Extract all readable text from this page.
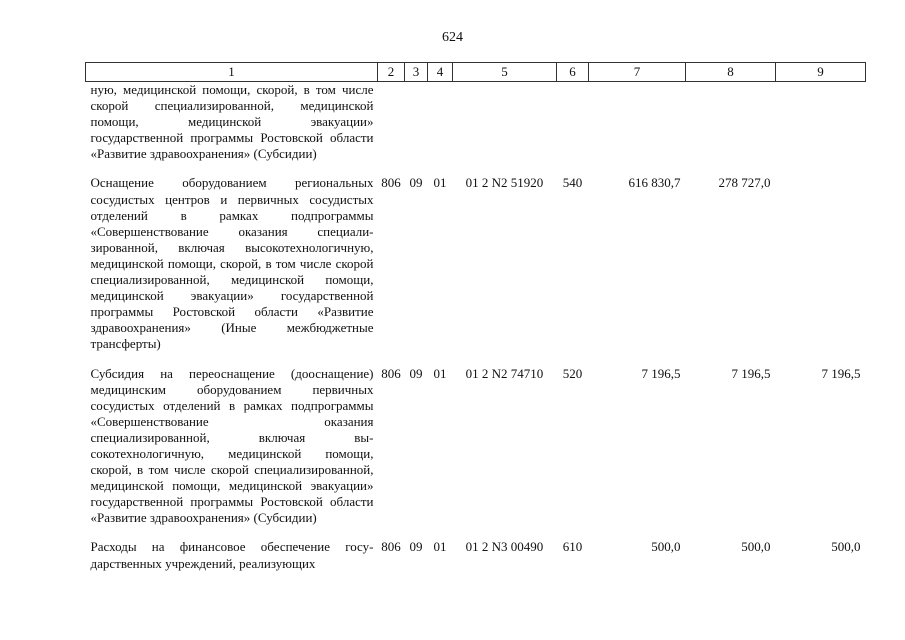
624
1	2	3	4	5	6	7	8	9
ную, медицинской помощи, скорой, в том числе скорой специализированной, медицинской помощи, медицинской эвакуации» государственной программы Ростовской области «Развитие здравоохранения» (Субсидии)								
Оснащение оборудованием региональных сосудистых центров и первичных сосудистых отделений в рамках подпрограммы «Совершенствование оказания специализированной, включая высокотехнологичную, медицинской помощи, скорой, в том числе скорой специализированной, медицинской помощи, медицинской эвакуации» государственной программы Ростовской области «Развитие здравоохранения» (Иные межбюджетные трансферты)	806	09	01	01 2 N2 51920	540	616 830,7	278 727,0	
Субсидия на переоснащение (дооснащение) медицинским оборудованием первичных сосудистых отделений в рамках подпрограммы «Совершенствование оказания специализированной, включая высокотехнологичную, медицинской помощи, скорой, в том числе скорой специализированной, медицинской помощи, медицинской эвакуации» государственной программы Ростовской области «Развитие здравоохранения» (Субсидии)	806	09	01	01 2 N2 74710	520	7 196,5	7 196,5	7 196,5
Расходы на финансовое обеспечение государственных учреждений, реализующих	806	09	01	01 2 N3 00490	610	500,0	500,0	500,0
